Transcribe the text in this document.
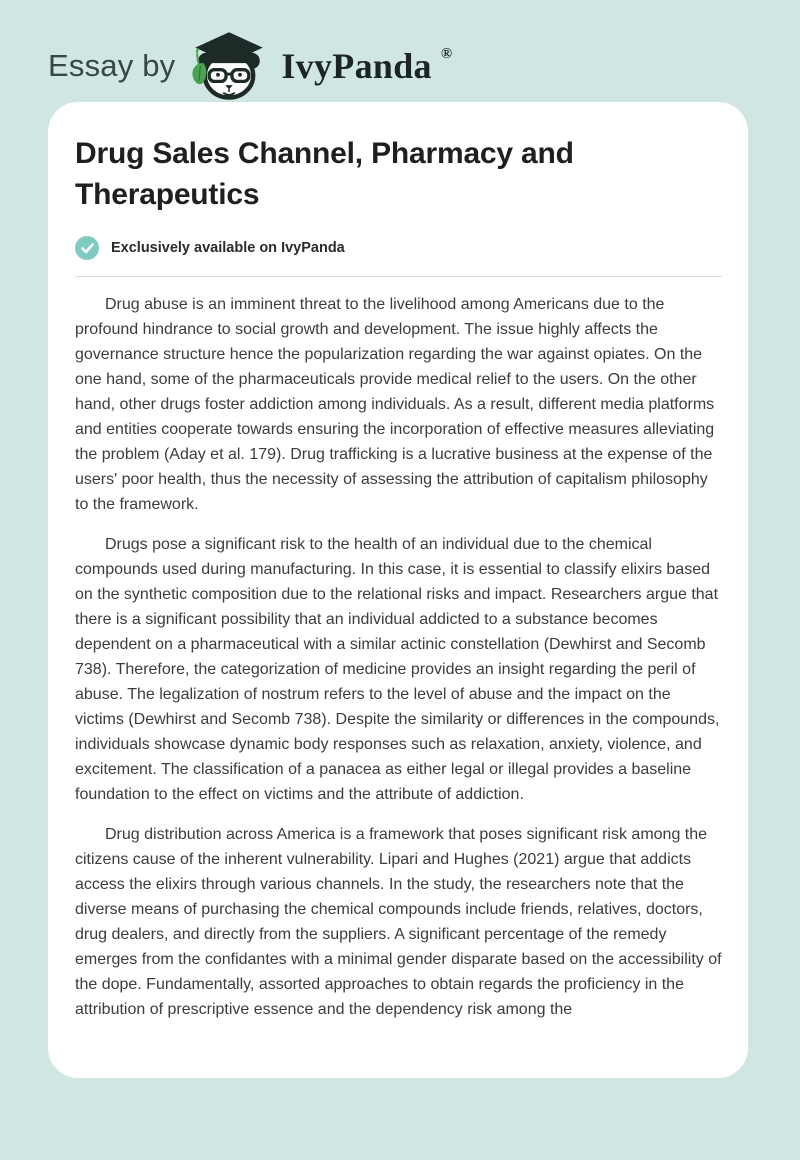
Essay by	IvyPanda ®
Drug Sales Channel, Pharmacy and Therapeutics
Exclusively available on IvyPanda

Drug abuse is an imminent threat to the livelihood among Americans due to the profound hindrance to social growth and development. The issue highly affects the governance structure hence the popularization regarding the war against opiates. On the one hand, some of the pharmaceuticals provide medical relief to the users. On the other hand, other drugs foster addiction among individuals. As a result, different media platforms and entities cooperate towards ensuring the incorporation of effective measures alleviating the problem (Aday et al. 179). Drug trafficking is a lucrative business at the expense of the users' poor health, thus the necessity of assessing the attribution of capitalism philosophy to the framework.

Drugs pose a significant risk to the health of an individual due to the chemical compounds used during manufacturing. In this case, it is essential to classify elixirs based on the synthetic composition due to the relational risks and impact. Researchers argue that there is a significant possibility that an individual addicted to a substance becomes dependent on a pharmaceutical with a similar actinic constellation (Dewhirst and Secomb 738). Therefore, the categorization of medicine provides an insight regarding the peril of abuse. The legalization of nostrum refers to the level of abuse and the impact on the victims (Dewhirst and Secomb 738). Despite the similarity or differences in the compounds, individuals showcase dynamic body responses such as relaxation, anxiety, violence, and excitement. The classification of a panacea as either legal or illegal provides a baseline foundation to the effect on victims and the attribute of addiction.

Drug distribution across America is a framework that poses significant risk among the citizens cause of the inherent vulnerability. Lipari and Hughes (2021) argue that addicts access the elixirs through various channels. In the study, the researchers note that the diverse means of purchasing the chemical compounds include friends, relatives, doctors, drug dealers, and directly from the suppliers. A significant percentage of the remedy emerges from the confidantes with a minimal gender disparate based on the accessibility of the dope. Fundamentally, assorted approaches to obtain regards the proficiency in the attribution of prescriptive essence and the dependency risk among the
